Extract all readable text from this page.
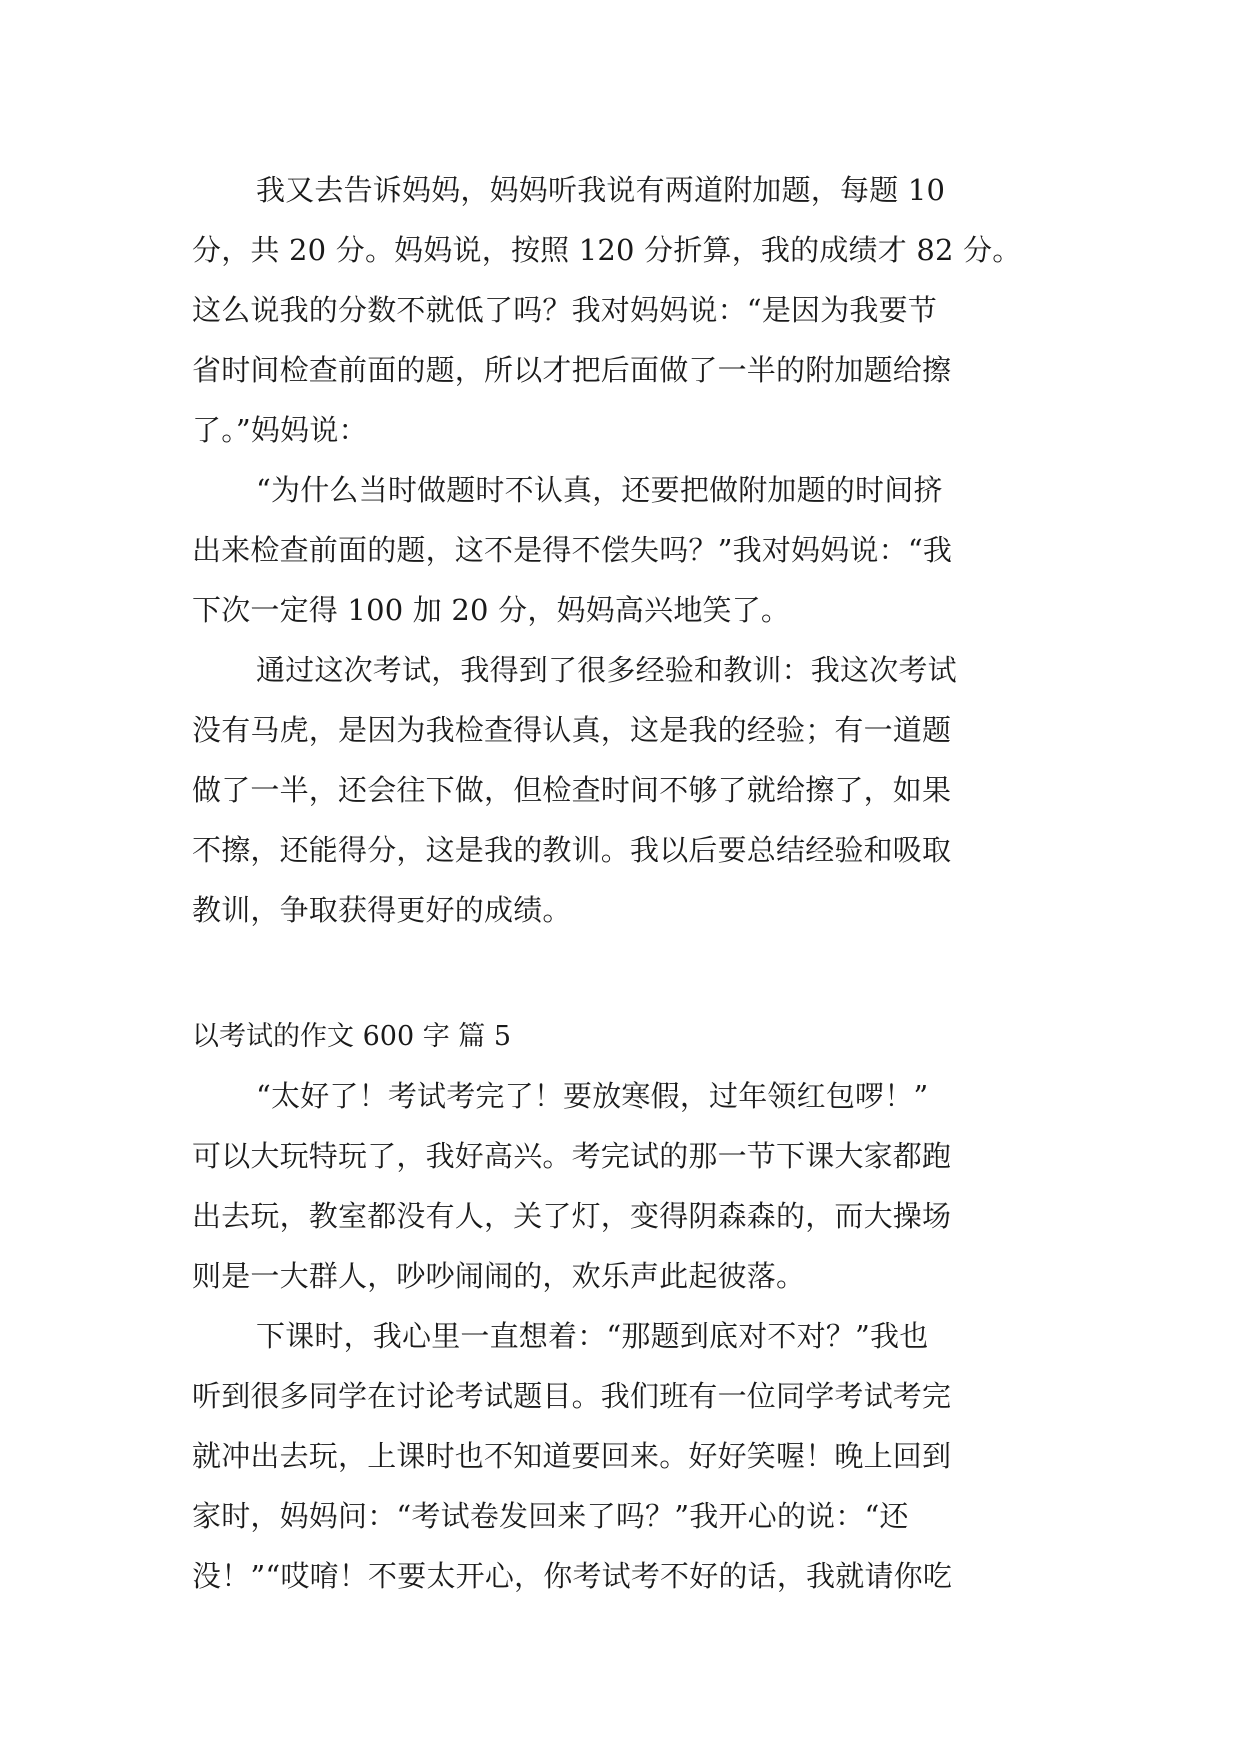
我又去告诉妈妈，妈妈听我说有两道附加题，每题 10
分，共 20 分。妈妈说，按照 120 分折算，我的成绩才 82 分。
这么说我的分数不就低了吗？我对妈妈说：“是因为我要节
省时间检查前面的题，所以才把后面做了一半的附加题给擦
了。”妈妈说：
“为什么当时做题时不认真，还要把做附加题的时间挤
出来检查前面的题，这不是得不偿失吗？”我对妈妈说：“我
下次一定得 100 加 20 分，妈妈高兴地笑了。
通过这次考试，我得到了很多经验和教训：我这次考试
没有马虎，是因为我检查得认真，这是我的经验；有一道题
做了一半，还会往下做，但检查时间不够了就给擦了，如果
不擦，还能得分，这是我的教训。我以后要总结经验和吸取
教训，争取获得更好的成绩。
以考试的作文 600 字 篇 5
“太好了！考试考完了！要放寒假，过年领红包啰！”
可以大玩特玩了，我好高兴。考完试的那一节下课大家都跑
出去玩，教室都没有人，关了灯，变得阴森森的，而大操场
则是一大群人，吵吵闹闹的，欢乐声此起彼落。
下课时，我心里一直想着：“那题到底对不对？”我也
听到很多同学在讨论考试题目。我们班有一位同学考试考完
就冲出去玩，上课时也不知道要回来。好好笑喔！晚上回到
家时，妈妈问：“考试卷发回来了吗？”我开心的说：“还
没！”“哎唷！不要太开心，你考试考不好的话，我就请你吃
